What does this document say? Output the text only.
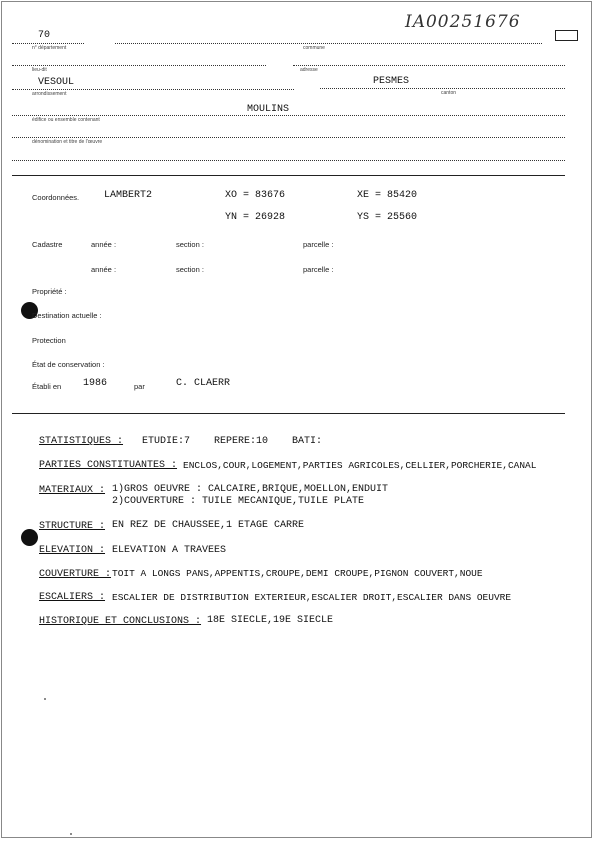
IA00251676
70
n° département	commune
lieu-dit	adresse
VESOUL	PESMES
arrondissement	canton
MOULINS
édifice ou ensemble contenant
dénomination et titre de l'œuvre
Coordonnées. LAMBERT2	XO = 83676	XE = 85420
YN = 26928	YS = 25560
Cadastre	année :	section :	parcelle :
année :	section :	parcelle :
Propriété :
Destination actuelle :
Protection
État de conservation :
Établi en 1986	par	C. CLAERR
STATISTIQUES : ETUDIE:7    REPERE:10    BATI:
PARTIES CONSTITUANTES : ENCLOS,COUR,LOGEMENT,PARTIES AGRICOLES,CELLIER,PORCHERIE,CANAL
MATERIAUX : 1)GROS OEUVRE : CALCAIRE,BRIQUE,MOELLON,ENDUIT
2)COUVERTURE : TUILE MECANIQUE,TUILE PLATE
STRUCTURE : EN REZ DE CHAUSSEE,1 ETAGE CARRE
ELEVATION : ELEVATION A TRAVEES
COUVERTURE : TOIT A LONGS PANS,APPENTIS,CROUPE,DEMI CROUPE,PIGNON COUVERT,NOUE
ESCALIERS : ESCALIER DE DISTRIBUTION EXTERIEUR,ESCALIER DROIT,ESCALIER DANS OEUVRE
HISTORIQUE ET CONCLUSIONS : 18E SIECLE,19E SIECLE
